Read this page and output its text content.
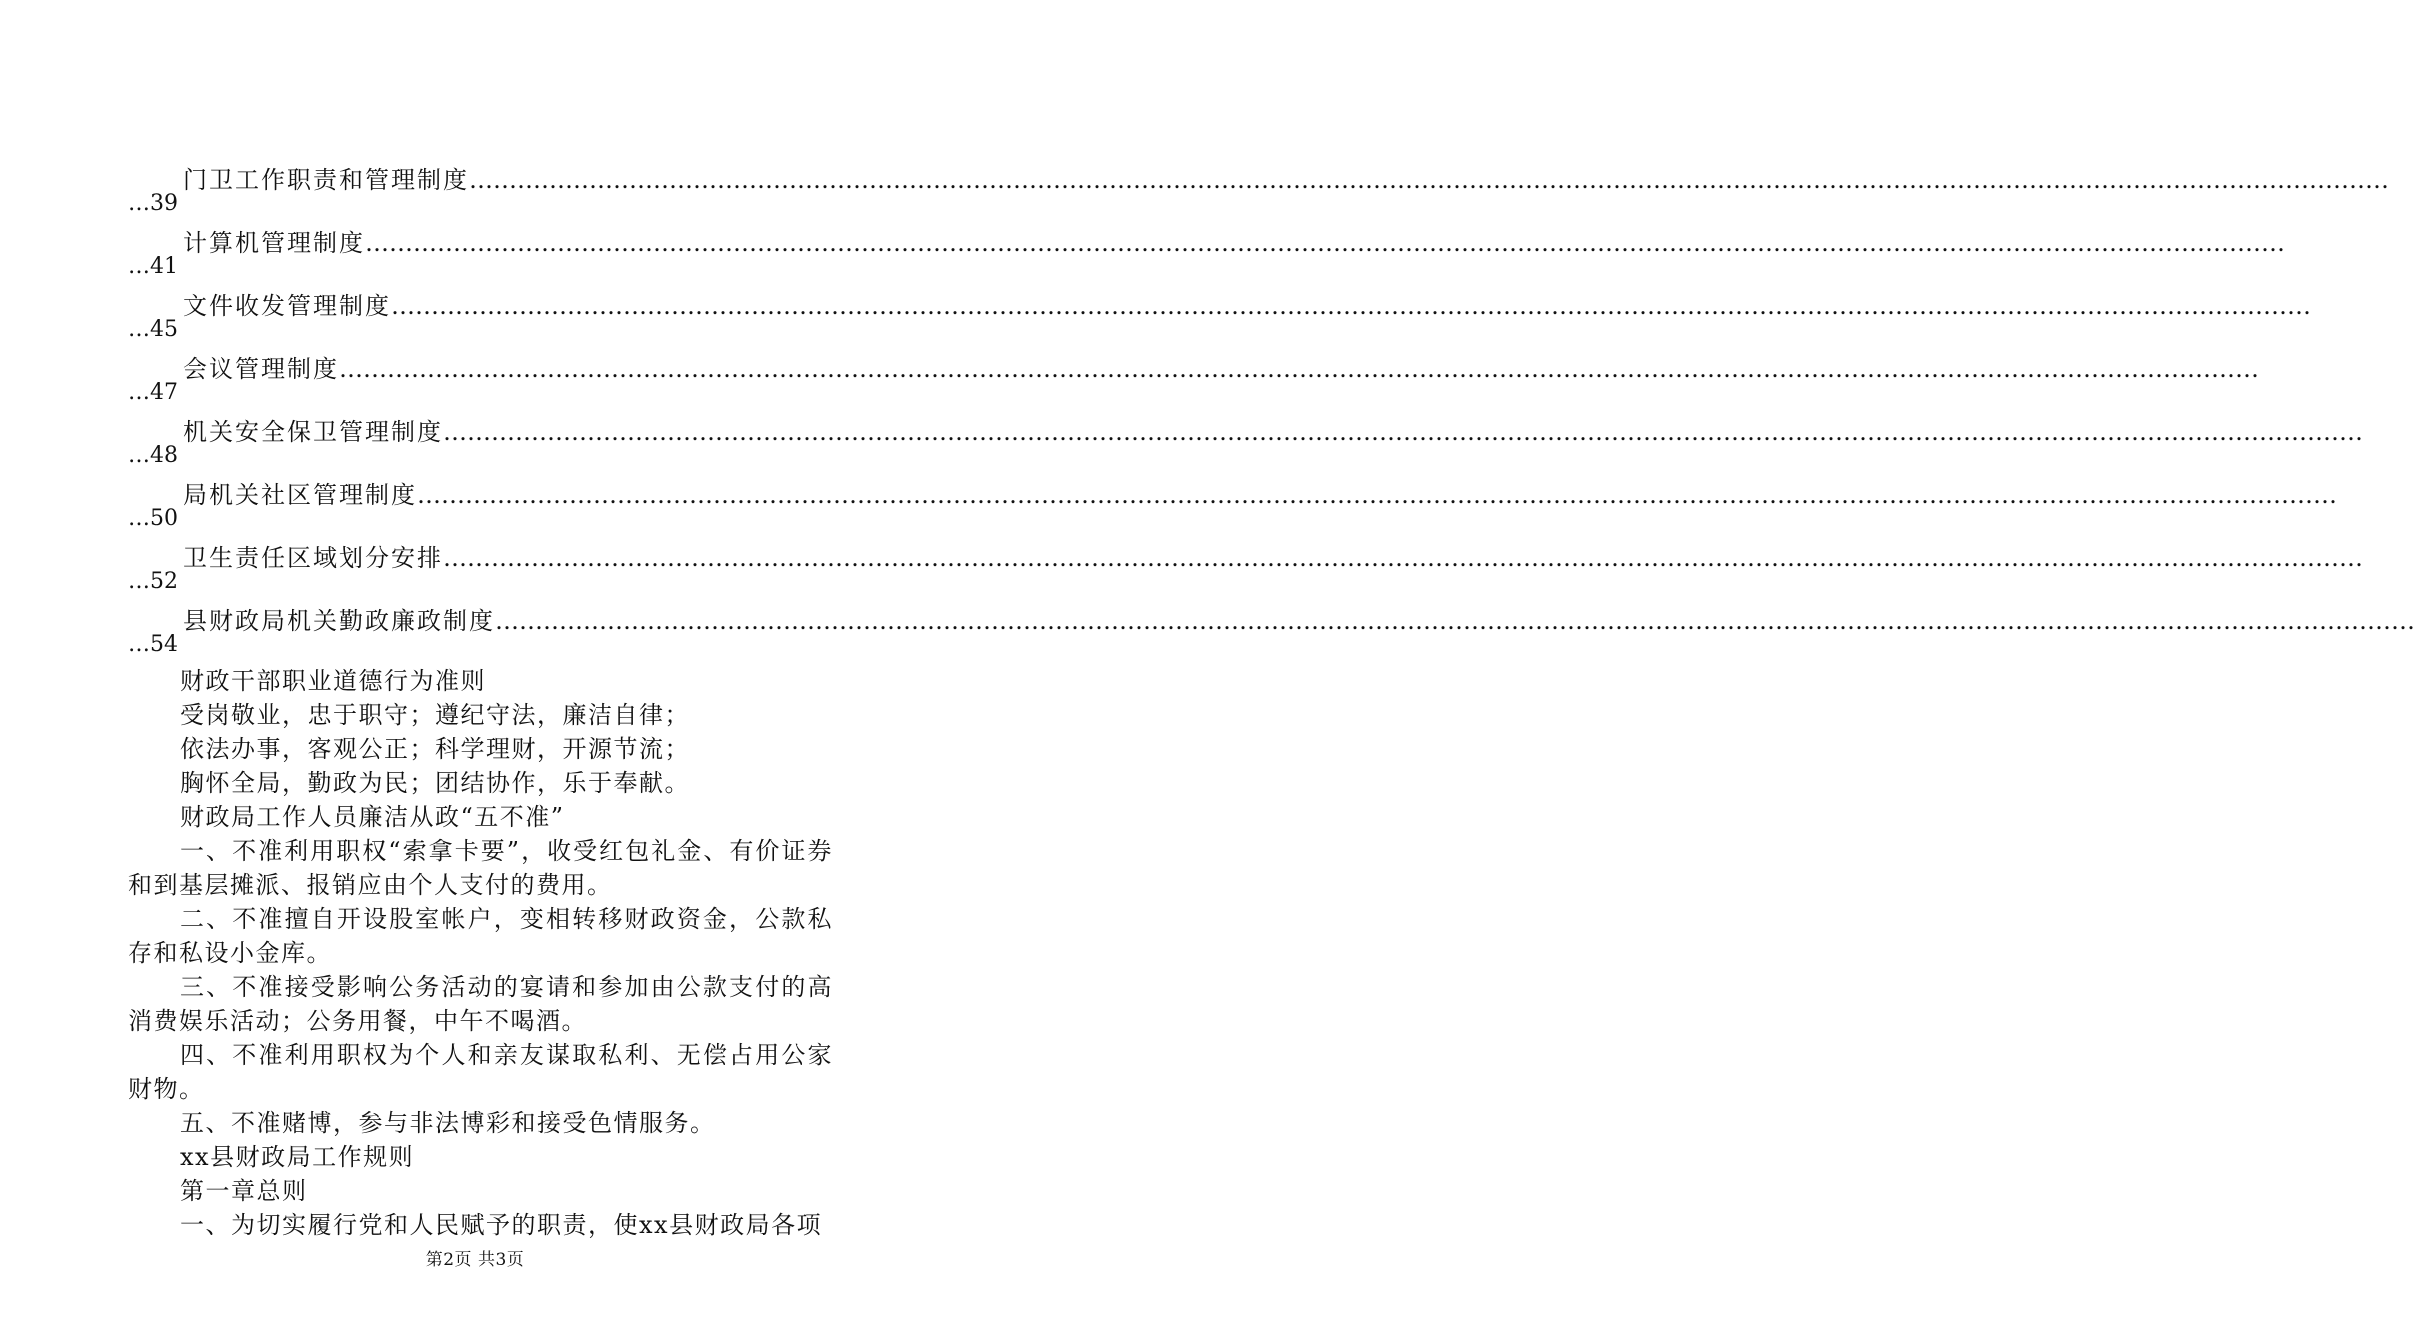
门卫工作职责和管理制度 ……………………………………………………………………………………………………………………………………………………………………………………………………………………
…39
计算机管理制度 ……………………………………………………………………………………………………………………………………………………………………………………………………………………
…41
文件收发管理制度 ……………………………………………………………………………………………………………………………………………………………………………………………………………………
…45
会议管理制度 ……………………………………………………………………………………………………………………………………………………………………………………………………………………
…47
机关安全保卫管理制度 ……………………………………………………………………………………………………………………………………………………………………………………………………………………
…48
局机关社区管理制度 ……………………………………………………………………………………………………………………………………………………………………………………………………………………
…50
卫生责任区域划分安排 ……………………………………………………………………………………………………………………………………………………………………………………………………………………
…52
县财政局机关勤政廉政制度 ……………………………………………………………………………………………………………………………………………………………………………………………………………………
…54
财政干部职业道德行为准则
受岗敬业，忠于职守；遵纪守法，廉洁自律；
依法办事，客观公正；科学理财，开源节流；
胸怀全局，勤政为民；团结协作，乐于奉献。
财政局工作人员廉洁从政“五不准”
一、不准利用职权“索拿卡要”，收受红包礼金、有价证券和到基层摊派、报销应由个人支付的费用。
二、不准擅自开设股室帐户，变相转移财政资金，公款私存和私设小金库。
三、不准接受影响公务活动的宴请和参加由公款支付的高消费娱乐活动；公务用餐，中午不喝酒。
四、不准利用职权为个人和亲友谋取私利、无偿占用公家财物。
五、不准赌博，参与非法博彩和接受色情服务。
xx县财政局工作规则
第一章总则
一、为切实履行党和人民赋予的职责，使xx县财政局各项
第2页 共3页
